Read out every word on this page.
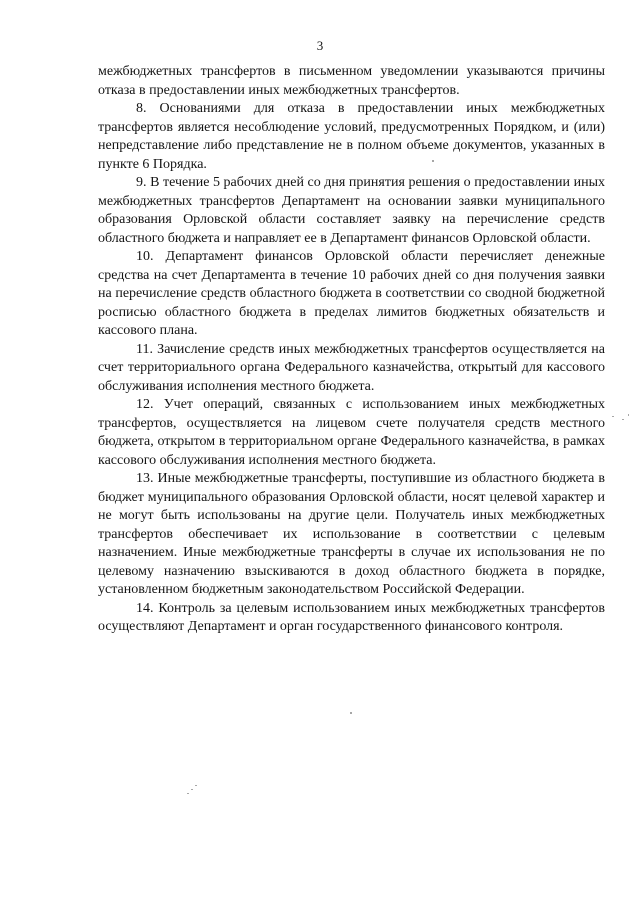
3

межбюджетных трансфертов в письменном уведомлении указываются причины отказа в предоставлении иных межбюджетных трансфертов.

8. Основаниями для отказа в предоставлении иных межбюджетных трансфертов является несоблюдение условий, предусмотренных Порядком, и (или) непредставление либо представление не в полном объеме документов, указанных в пункте 6 Порядка.

9. В течение 5 рабочих дней со дня принятия решения о предоставлении иных межбюджетных трансфертов Департамент на основании заявки муниципального образования Орловской области составляет заявку на перечисление средств областного бюджета и направляет ее в Департамент финансов Орловской области.

10. Департамент финансов Орловской области перечисляет денежные средства на счет Департамента в течение 10 рабочих дней со дня получения заявки на перечисление средств областного бюджета в соответствии со сводной бюджетной росписью областного бюджета в пределах лимитов бюджетных обязательств и кассового плана.

11. Зачисление средств иных межбюджетных трансфертов осуществляется на счет территориального органа Федерального казначейства, открытый для кассового обслуживания исполнения местного бюджета.

12. Учет операций, связанных с использованием иных межбюджетных трансфертов, осуществляется на лицевом счете получателя средств местного бюджета, открытом в территориальном органе Федерального казначейства, в рамках кассового обслуживания исполнения местного бюджета.

13. Иные межбюджетные трансферты, поступившие из областного бюджета в бюджет муниципального образования Орловской области, носят целевой характер и не могут быть использованы на другие цели. Получатель иных межбюджетных трансфертов обеспечивает их использование в соответствии с целевым назначением. Иные межбюджетные трансферты в случае их использования не по целевому назначению взыскиваются в доход областного бюджета в порядке, установленном бюджетным законодательством Российской Федерации.

14. Контроль за целевым использованием иных межбюджетных трансфертов осуществляют Департамент и орган государственного финансового контроля.
